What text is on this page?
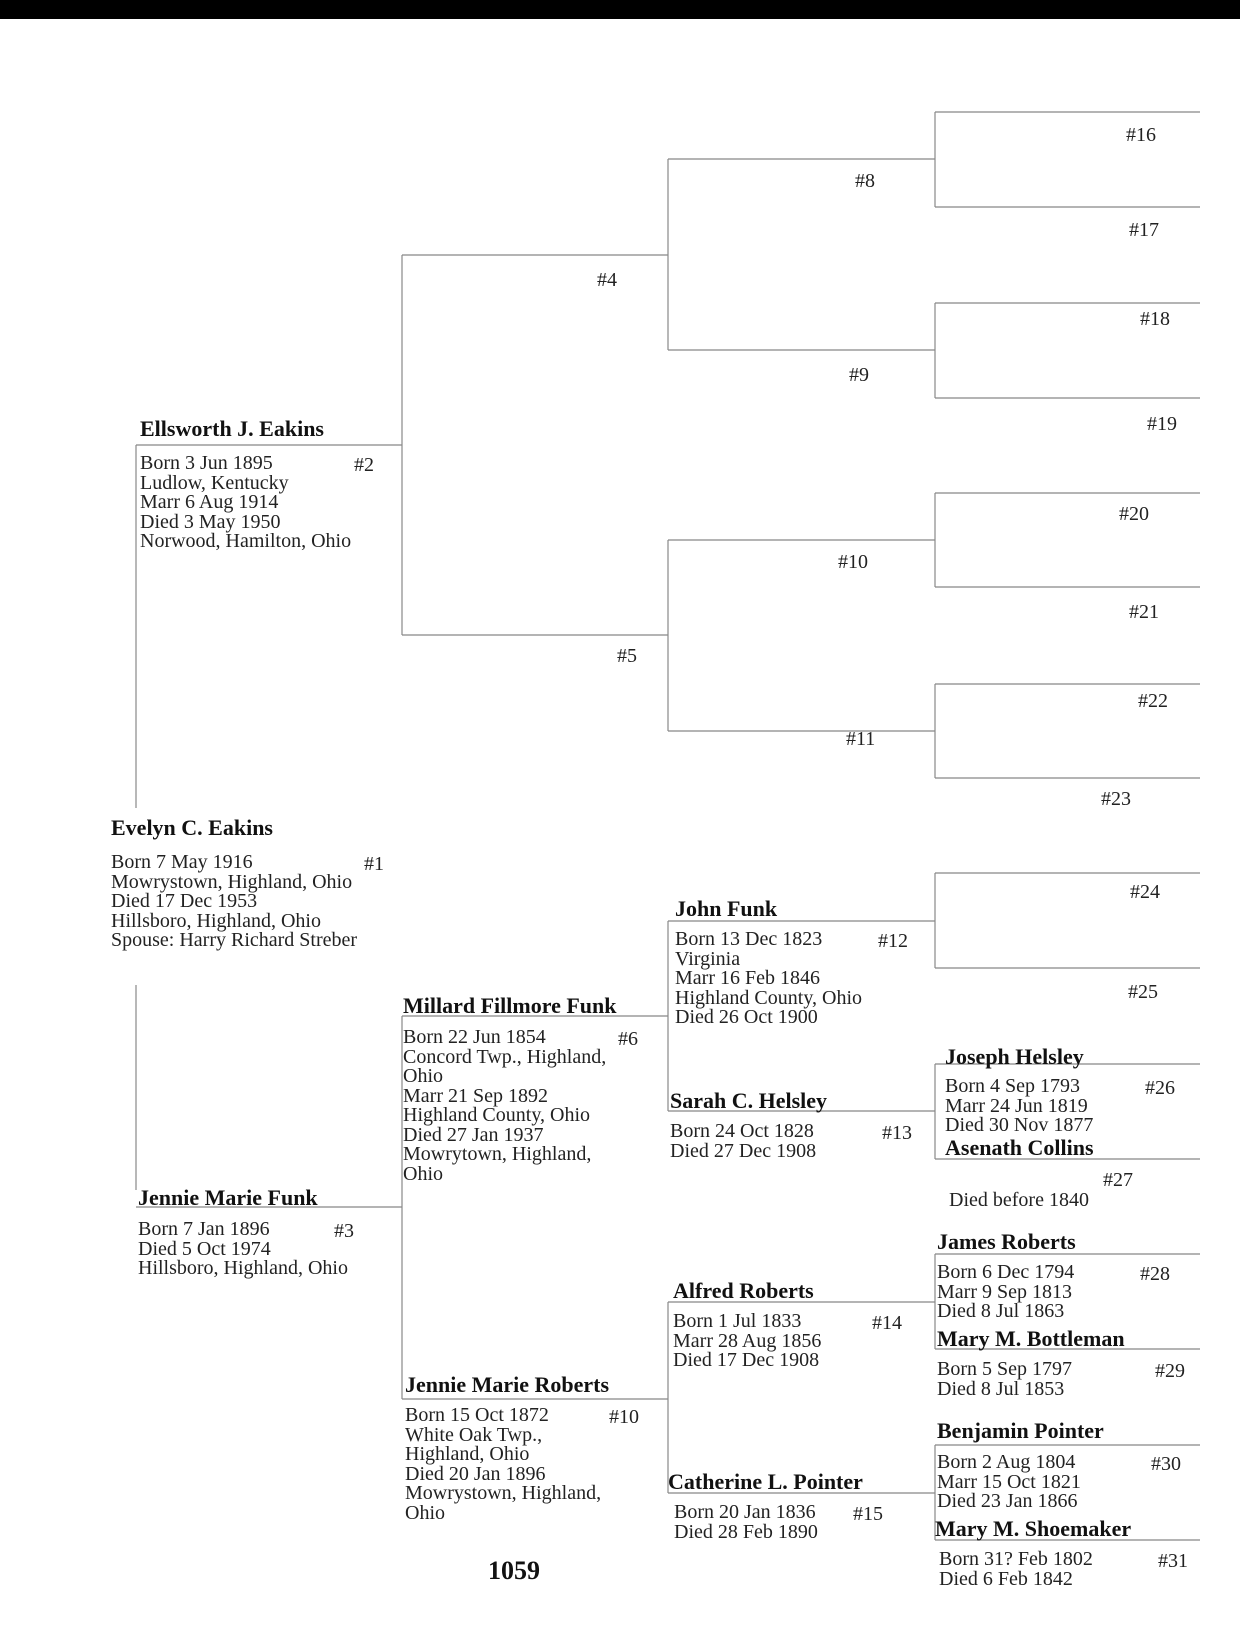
Evelyn C. Eakins
#1
Born 7 May 1916
Mowrystown, Highland, Ohio
Died 17 Dec 1953
Hillsboro, Highland, Ohio
Spouse: Harry Richard Streber
Ellsworth J. Eakins
#2
Born 3 Jun 1895
Ludlow, Kentucky
Marr 6 Aug 1914
Died 3 May 1950
Norwood, Hamilton, Ohio
Jennie Marie Funk
#3
Born 7 Jan 1896
Died 5 Oct 1974
Hillsboro, Highland, Ohio
Millard Fillmore Funk
#6
Born 22 Jun 1854
Concord Twp., Highland,
Ohio
Marr 21 Sep 1892
Highland County, Ohio
Died 27 Jan 1937
Mowrytown, Highland,
Ohio
Jennie Marie Roberts
#10
Born 15 Oct 1872
White Oak Twp.,
Highland, Ohio
Died 20 Jan 1896
Mowrystown, Highland,
Ohio
John Funk
#12
Born 13 Dec 1823
Virginia
Marr 16 Feb 1846
Highland County, Ohio
Died 26 Oct 1900
Sarah C. Helsley
#13
Born 24 Oct 1828
Died 27 Dec 1908
Alfred Roberts
#14
Born 1 Jul 1833
Marr 28 Aug 1856
Died 17 Dec 1908
Catherine L. Pointer
#15
Born 20 Jan 1836
Died 28 Feb 1890
Joseph Helsley
#26
Born 4 Sep 1793
Marr 24 Jun 1819
Died 30 Nov 1877
Asenath Collins
#27
Died before 1840
James Roberts
#28
Born 6 Dec 1794
Marr 9 Sep 1813
Died 8 Jul 1863
Mary M. Bottleman
#29
Born 5 Sep 1797
Died 8 Jul 1853
Benjamin Pointer
#30
Born 2 Aug 1804
Marr 15 Oct 1821
Died 23 Jan 1866
Mary M. Shoemaker
#31
Born 31? Feb 1802
Died 6 Feb 1842
#4
#5
#8
#9
#10
#11
#16
#17
#18
#19
#20
#21
#22
#23
#24
#25
1059
